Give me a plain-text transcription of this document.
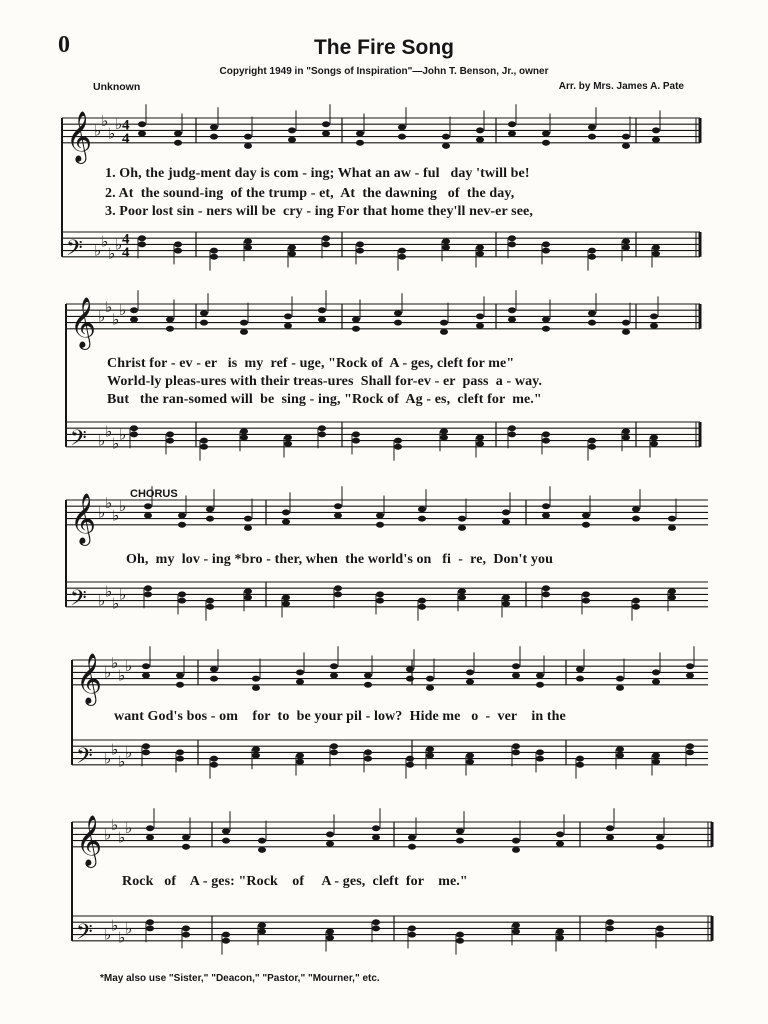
0	The Fire Song
Copyright 1949 in "Songs of Inspiration"—John T. Benson, Jr., owner
Unknown	Arr. by Mrs. James A. Pate
CHORUS
𝄞 ♭
♭
♭
♭ 4
4
𝄢 ♭
♭
♭
♭ 4
4
𝄞 ♭
♭
♭
♭
𝄢 ♭
♭
♭
♭
𝄞 ♭
♭
♭
♭
𝄢 ♭
♭
♭
♭
𝄞 ♭
♭
♭
♭
𝄢 ♭
♭
♭
♭
𝄞 ♭
♭
♭
♭
𝄢 ♭
♭
♭
♭
1. Oh, the judg-ment day is com - ing; What an aw - ful   day 'twill be!
2. At  the sound-ing  of the trump - et,  At  the dawning   of  the day,
3. Poor lost sin - ners will be  cry - ing For that home they'll nev-er see,
Christ for - ev - er   is  my  ref - uge, "Rock of  A - ges, cleft for me"
World-ly pleas-ures with their treas-ures  Shall for-ev - er  pass  a - way.
But   the ran-somed will  be  sing - ing, "Rock of  Ag - es,  cleft for  me."
Oh,  my  lov - ing *bro - ther, when  the world's on   fi  -  re,  Don't you
want God's bos - om    for  to  be your pil - low?  Hide me   o  -  ver    in the
Rock   of    A - ges: "Rock    of     A - ges,  cleft  for    me."
*May also use "Sister," "Deacon," "Pastor," "Mourner," etc.
